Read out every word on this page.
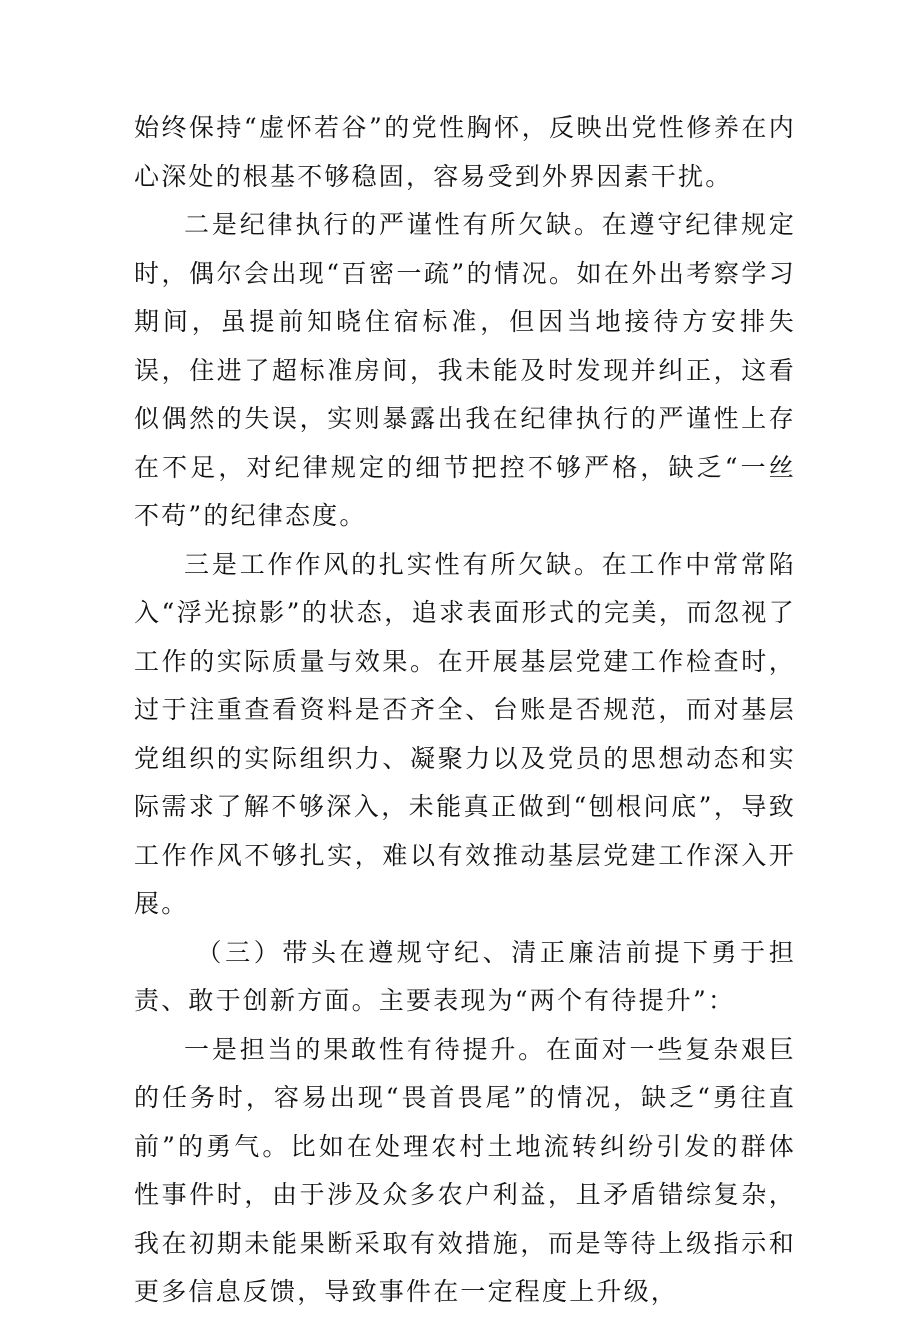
始终保持“虚怀若谷”的党性胸怀，反映出党性修养在内心深处的根基不够稳固，容易受到外界因素干扰。

二是纪律执行的严谨性有所欠缺。在遵守纪律规定时，偶尔会出现“百密一疏”的情况。如在外出考察学习期间，虽提前知晓住宿标准，但因当地接待方安排失误，住进了超标准房间，我未能及时发现并纠正，这看似偶然的失误，实则暴露出我在纪律执行的严谨性上存在不足，对纪律规定的细节把控不够严格，缺乏“一丝不苟”的纪律态度。

三是工作作风的扎实性有所欠缺。在工作中常常陷入“浮光掠影”的状态，追求表面形式的完美，而忽视了工作的实际质量与效果。在开展基层党建工作检查时，过于注重查看资料是否齐全、台账是否规范，而对基层党组织的实际组织力、凝聚力以及党员的思想动态和实际需求了解不够深入，未能真正做到“刨根问底”，导致工作作风不够扎实，难以有效推动基层党建工作深入开展。

（三）带头在遵规守纪、清正廉洁前提下勇于担责、敢于创新方面。主要表现为“两个有待提升”：

一是担当的果敢性有待提升。在面对一些复杂艰巨的任务时，容易出现“畏首畏尾”的情况，缺乏“勇往直前”的勇气。比如在处理农村土地流转纠纷引发的群体性事件时，由于涉及众多农户利益，且矛盾错综复杂，我在初期未能果断采取有效措施，而是等待上级指示和更多信息反馈，导致事件在一定程度上升级，
